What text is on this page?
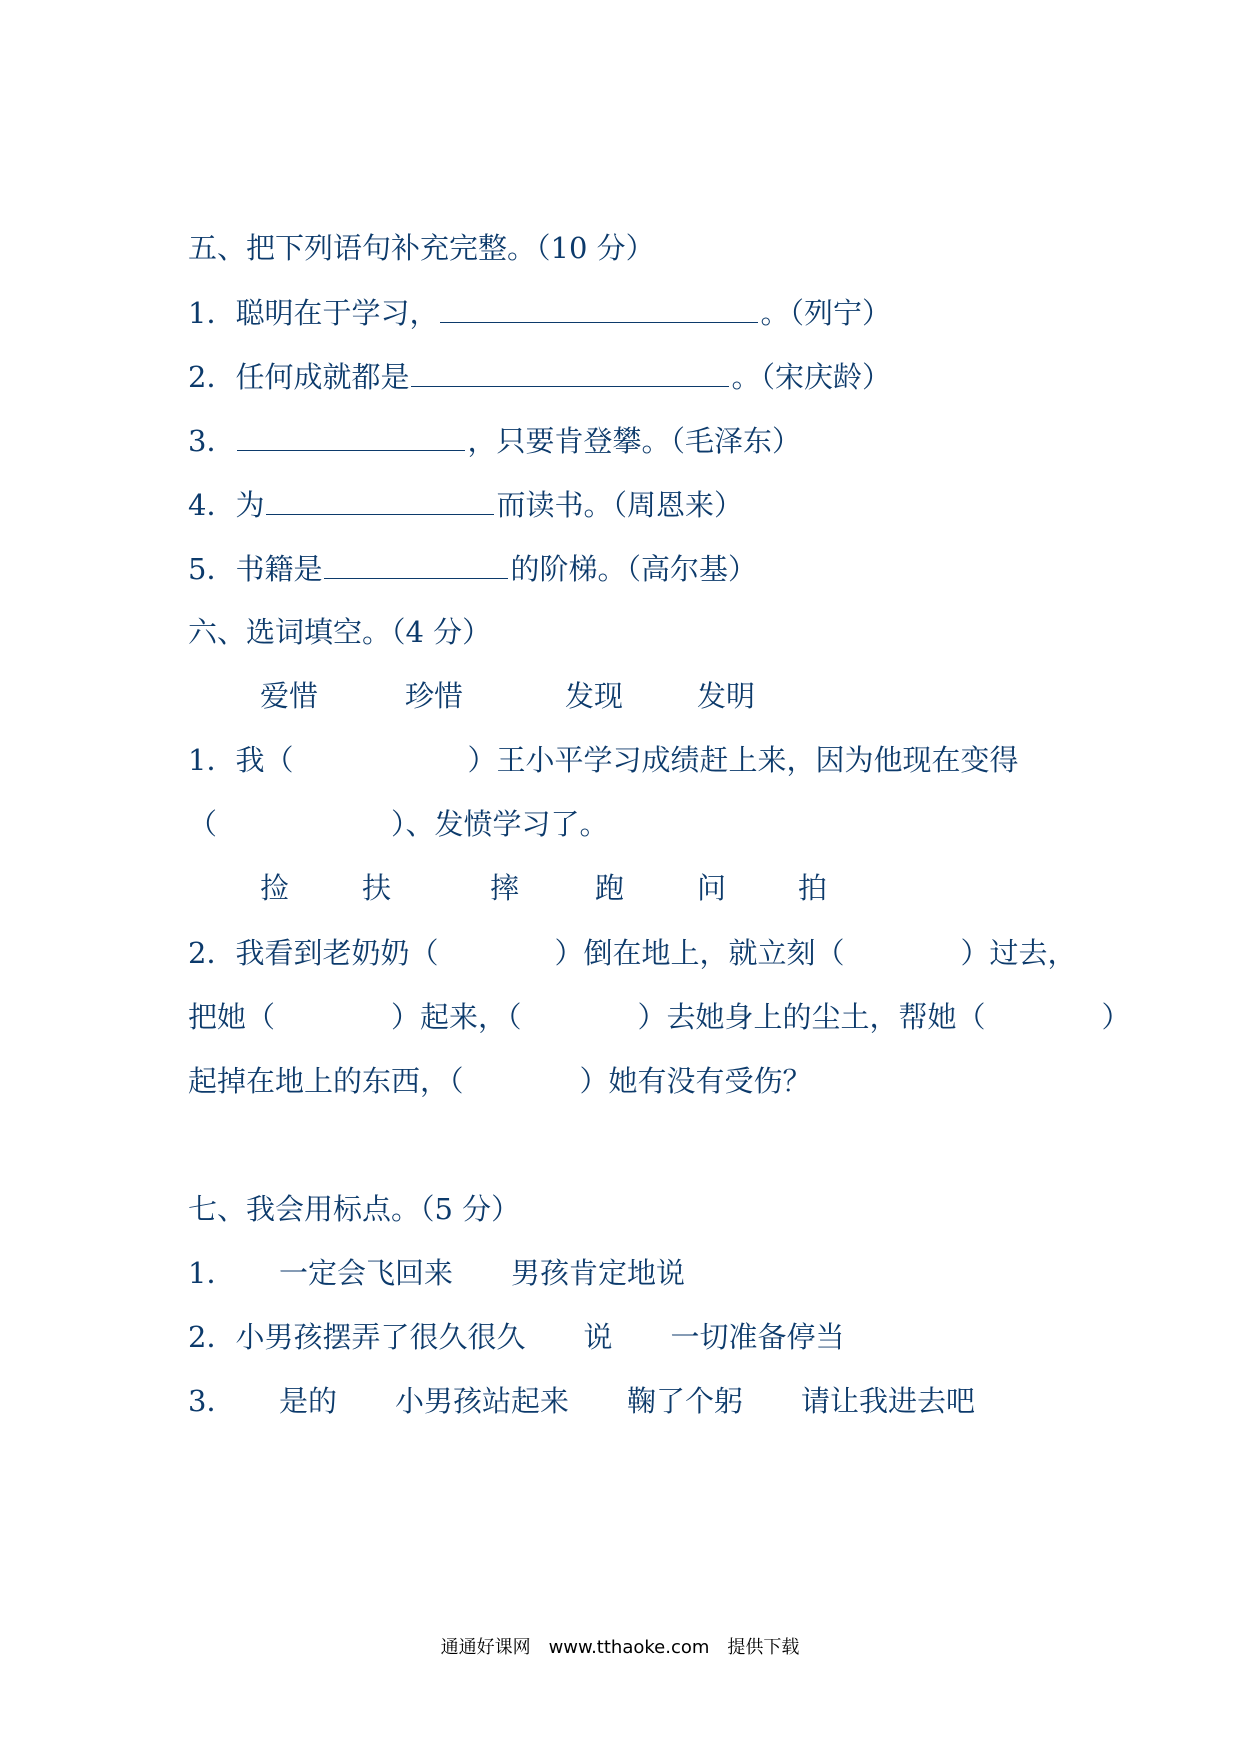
五、把下列语句补充完整。（10 分）
1．聪明在于学习，	。（列宁）
2．任何成就都是	。（宋庆龄）
3．	，只要肯登攀。（毛泽东）
4．为	而读书。（周恩来）
5．书籍是	的阶梯。（高尔基）
六、选词填空。（4 分）
爱惜	珍惜	发现	发明
1．我（　　　　　　）王小平学习成绩赶上来，因为他现在变得
（　　　　　　）、发愤学习了。
捡	扶	摔	跑	问 拍
2．我看到老奶奶（　　　　）倒在地上，就立刻（　　　　）过去，
把她（　　　　）起来，（　　　　）去她身上的尘土，帮她（　　　　）
起掉在地上的东西，（　　　　）她有没有受伤？
七、我会用标点。（5 分）
1．　　一定会飞回来　　男孩肯定地说
2．小男孩摆弄了很久很久　　说　　一切准备停当
3．　　是的　　小男孩站起来　　鞠了个躬　　请让我进去吧
通通好课网　www.tthaoke.com　提供下载
